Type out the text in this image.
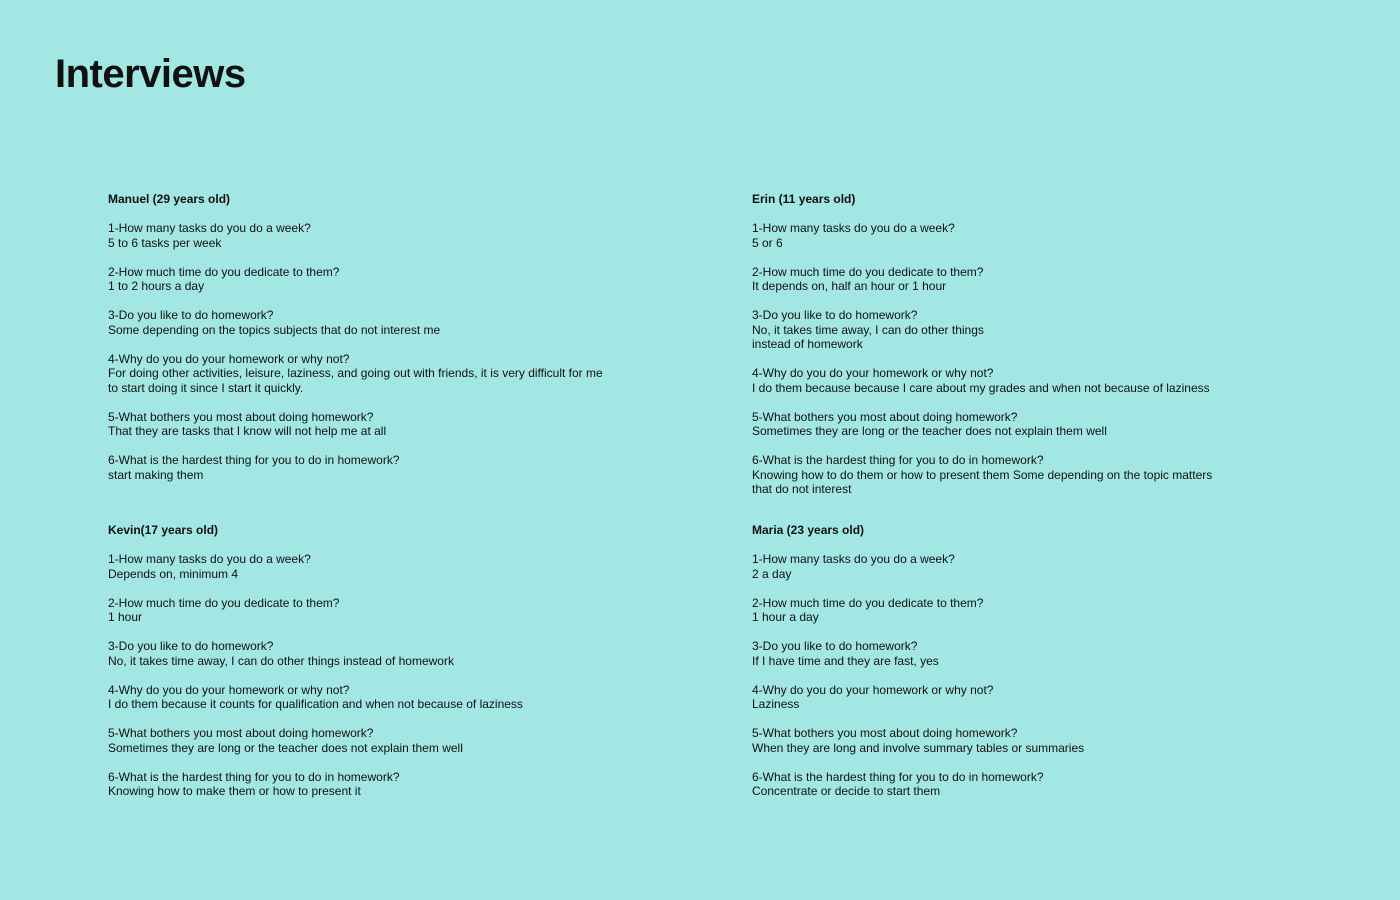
Interviews

Manuel (29 years old)

1-How many tasks do you do a week?
5 to 6 tasks per week
2-How much time do you dedicate to them?
1 to 2 hours a day
3-Do you like to do homework?
Some depending on the topics subjects that do not interest me
4-Why do you do your homework or why not?
For doing other activities, leisure, laziness, and going out with friends, it is very difficult for me
to start doing it since I start it quickly.
5-What bothers you most about doing homework?
That they are tasks that I know will not help me at all
6-What is the hardest thing for you to do in homework?
start making them

Erin (11 years old)

1-How many tasks do you do a week?
5 or 6
2-How much time do you dedicate to them?
It depends on, half an hour or 1 hour
3-Do you like to do homework?
No, it takes time away, I can do other things
instead of homework
4-Why do you do your homework or why not?
I do them because because I care about my grades and when not because of laziness
5-What bothers you most about doing homework?
Sometimes they are long or the teacher does not explain them well
6-What is the hardest thing for you to do in homework?
Knowing how to do them or how to present them Some depending on the topic matters
that do not interest

Kevin(17 years old)

1-How many tasks do you do a week?
Depends on, minimum 4
2-How much time do you dedicate to them?
1 hour
3-Do you like to do homework?
No, it takes time away, I can do other things instead of homework
4-Why do you do your homework or why not?
I do them because it counts for qualification and when not because of laziness
5-What bothers you most about doing homework?
Sometimes they are long or the teacher does not explain them well
6-What is the hardest thing for you to do in homework?
Knowing how to make them or how to present it

Maria (23 years old)

1-How many tasks do you do a week?
2 a day
2-How much time do you dedicate to them?
1 hour a day
3-Do you like to do homework?
If I have time and they are fast, yes
4-Why do you do your homework or why not?
Laziness
5-What bothers you most about doing homework?
When they are long and involve summary tables or summaries
6-What is the hardest thing for you to do in homework?
Concentrate or decide to start them
